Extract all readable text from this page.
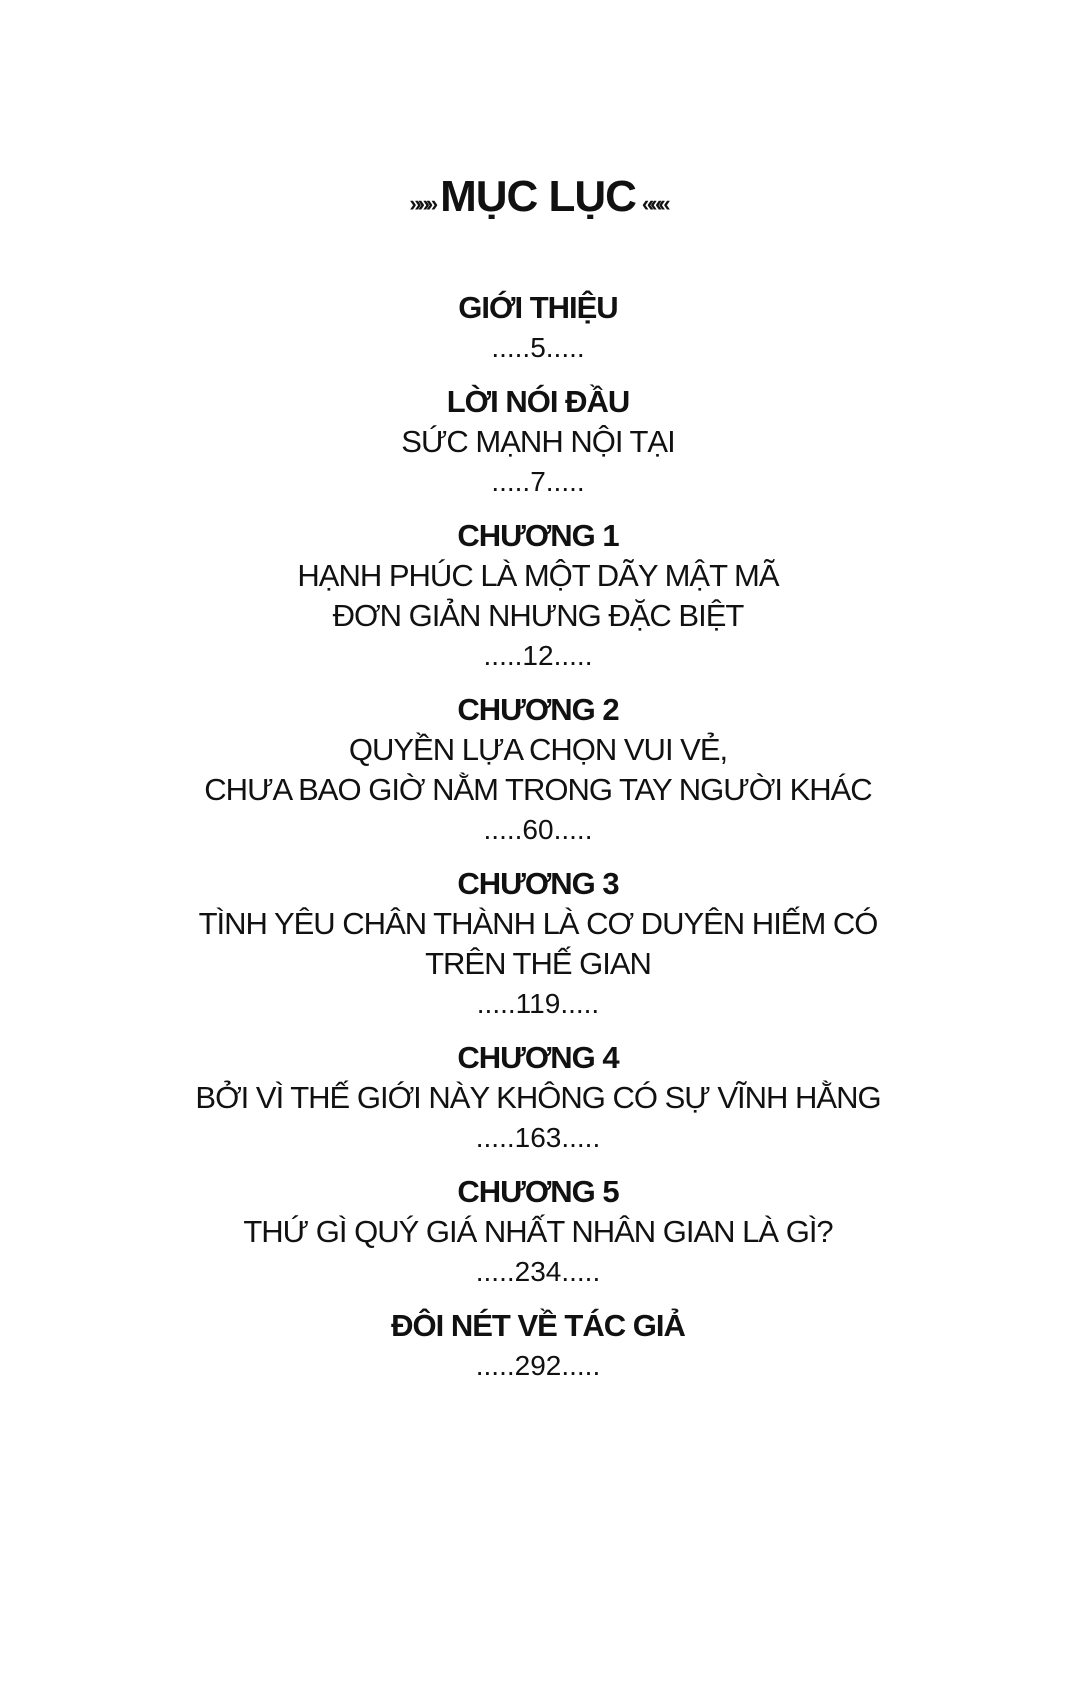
»»» MỤC LỤC «««
GIỚI THIỆU
.....5.....
LỜI NÓI ĐẦU
SỨC MẠNH NỘI TẠI
.....7.....
CHƯƠNG 1
HẠNH PHÚC LÀ MỘT DÃY MẬT MÃ
ĐƠN GIẢN NHƯNG ĐẶC BIỆT
.....12.....
CHƯƠNG 2
QUYỀN LỰA CHỌN VUI VẺ,
CHƯA BAO GIỜ NẰM TRONG TAY NGƯỜI KHÁC
.....60.....
CHƯƠNG 3
TÌNH YÊU CHÂN THÀNH LÀ CƠ DUYÊN HIẾM CÓ
TRÊN THẾ GIAN
.....119.....
CHƯƠNG 4
BỞI VÌ THẾ GIỚI NÀY KHÔNG CÓ SỰ VĨNH HẰNG
.....163.....
CHƯƠNG 5
THỨ GÌ QUÝ GIÁ NHẤT NHÂN GIAN LÀ GÌ?
.....234.....
ĐÔI NÉT VỀ TÁC GIẢ
.....292.....
